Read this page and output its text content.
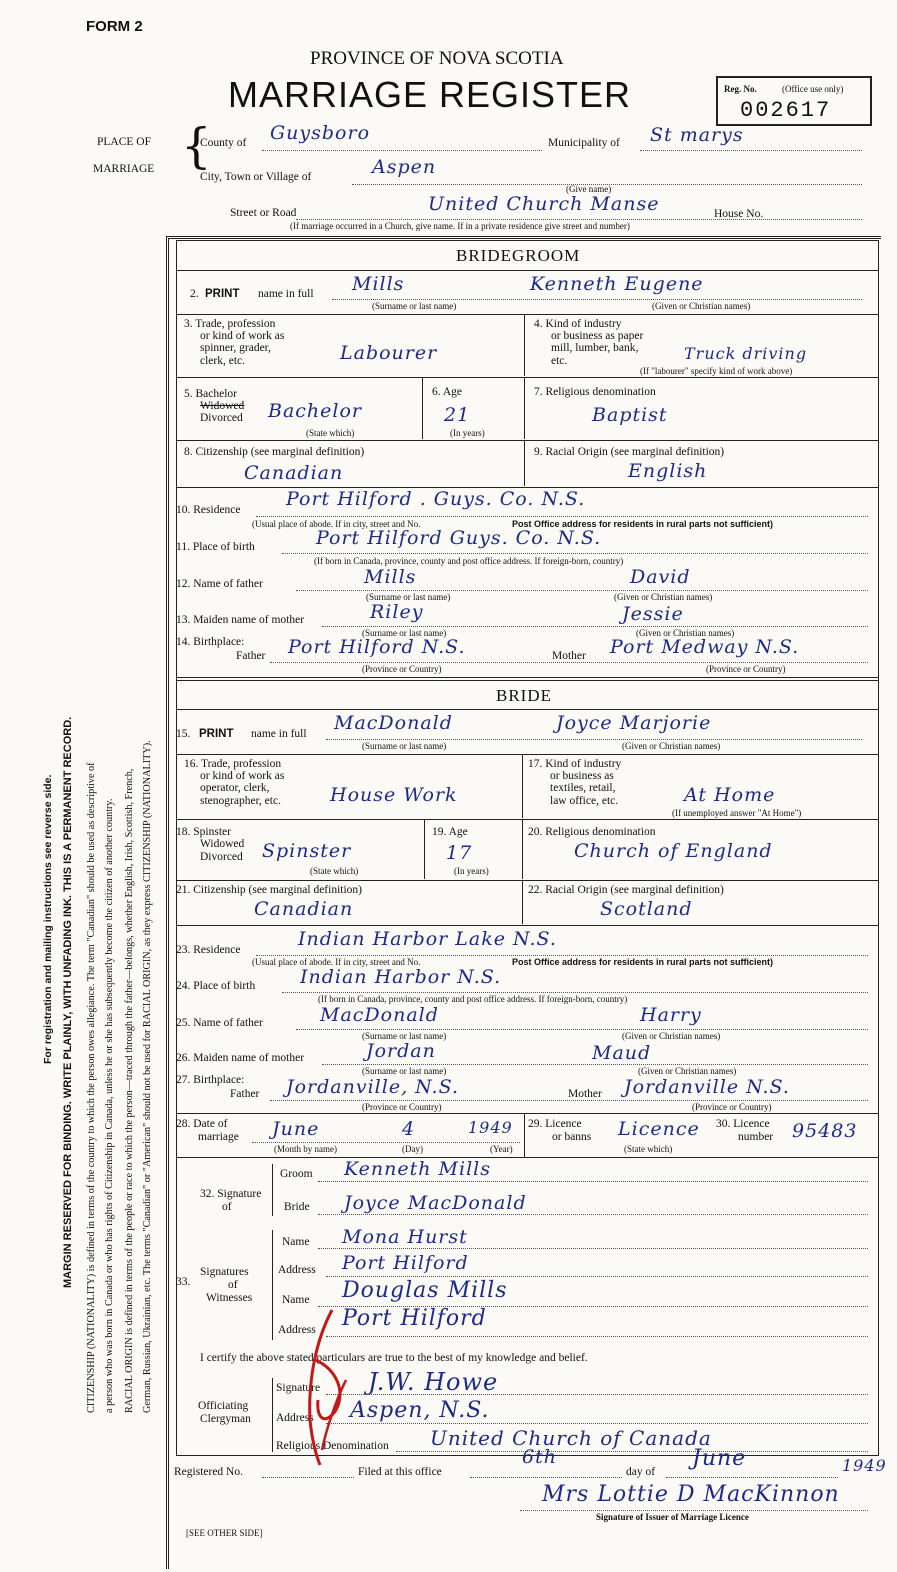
FORM 2
PROVINCE OF NOVA SCOTIA
MARRIAGE REGISTER	Reg. No.	(Office use only)
002617
PLACE OF
MARRIAGE {
County of Guysboro	Municipality of St marys
City, Town or Village of	Aspen
(Give name)
Street or Road	United Church Manse	House No.
(If marriage occurred in a Church, give name. If in a private residence give street and number)
For registration and mailing instructions see reverse side. MARGIN RESERVED FOR BINDING. WRITE PLAINLY, WITH UNFADING INK. THIS IS A PERMANENT RECORD. CITIZENSHIP (NATIONALITY) is defined in terms of the country to which the person owes allegiance. The term "Canadian" should be used as descriptive of a person who was born in Canada or who has rights of Citizenship in Canada, unless he or she has subsequently become the citizen of another country. RACIAL ORIGIN is defined in terms of the people or race to which the person—traced through the father—belongs, whether English, Irish, Scottish, French, German, Russian, Ukrainian, etc. The terms "Canadian" or "American" should not be used for RACIAL ORIGIN, as they express CITIZENSHIP (NATIONALITY).
BRIDEGROOM
2. PRINT name in full Mills	Kenneth Eugene
(Surname or last name)	(Given or Christian names)
3. Trade, profession
or kind of work as
spinner, grader,
clerk, etc.	Labourer
4. Kind of industry
or business as paper
mill, lumber, bank,
etc.	Truck driving
(If "labourer" specify kind of work above)
5. Bachelor
Widowed
Divorced Bachelor
(State which)
6. Age
21
(In years)
7. Religious denomination
Baptist
8. Citizenship (see marginal definition)
Canadian
9. Racial Origin (see marginal definition)
English
10. Residence Port Hilford . Guys. Co. N.S.
(Usual place of abode. If in city, street and No.	Post Office address for residents in rural parts not sufficient)
11. Place of birth	Port Hilford Guys. Co. N.S.
(If born in Canada, province, county and post office address. If foreign-born, country)
12. Name of father	Mills	David
(Surname or last name)	(Given or Christian names)
13. Maiden name of mother	Riley	Jessie
(Surname or last name)	(Given or Christian names)
14. Birthplace:
Father Port Hilford N.S.	Mother Port Medway N.S.
(Province or Country)	(Province or Country)
BRIDE
15. PRINT name in full MacDonald	Joyce Marjorie
(Surname or last name)	(Given or Christian names)
16. Trade, profession
or kind of work as
operator, clerk,
stenographer, etc.	House Work
17. Kind of industry
or business as
textiles, retail,
law office, etc.	At Home
(If unemployed answer "At Home")
18. Spinster
Widowed
Divorced Spinster
(State which)
19. Age
17
(In years)
20. Religious denomination
Church of England
21. Citizenship (see marginal definition)
Canadian
22. Racial Origin (see marginal definition)
Scotland
23. Residence	Indian Harbor Lake N.S.
(Usual place of abode. If in city, street and No.	Post Office address for residents in rural parts not sufficient)
24. Place of birth Indian Harbor N.S.
(If born in Canada, province, county and post office address. If foreign-born, country)
25. Name of father	MacDonald	Harry
(Surname or last name)	(Given or Christian names)
26. Maiden name of mother	Jordan	Maud
(Surname or last name)	(Given or Christian names)
27. Birthplace:
Father Jordanville, N.S.	Mother Jordanville N.S.
(Province or Country)	(Province or Country)
28. Date of
marriage June	4	1949
(Month by name)	(Day)	(Year)
29. Licence
or banns Licence
(State which)
30. Licence
number 95483
32. Signature
of
Groom Kenneth Mills
Bride Joyce MacDonald
33.
Signatures
of
Witnesses
Name Mona Hurst
Address Port Hilford
Name Douglas Mills
Address Port Hilford
I certify the above stated particulars are true to the best of my knowledge and belief.
Officiating
Clergyman
Signature J.W. Howe
Address Aspen, N.S.
Religious Denomination United Church of Canada
Registered No.	Filed at this office
6th
day of
June	1949
Mrs Lottie D MacKinnon
Signature of Issuer of Marriage Licence
[SEE OTHER SIDE]
